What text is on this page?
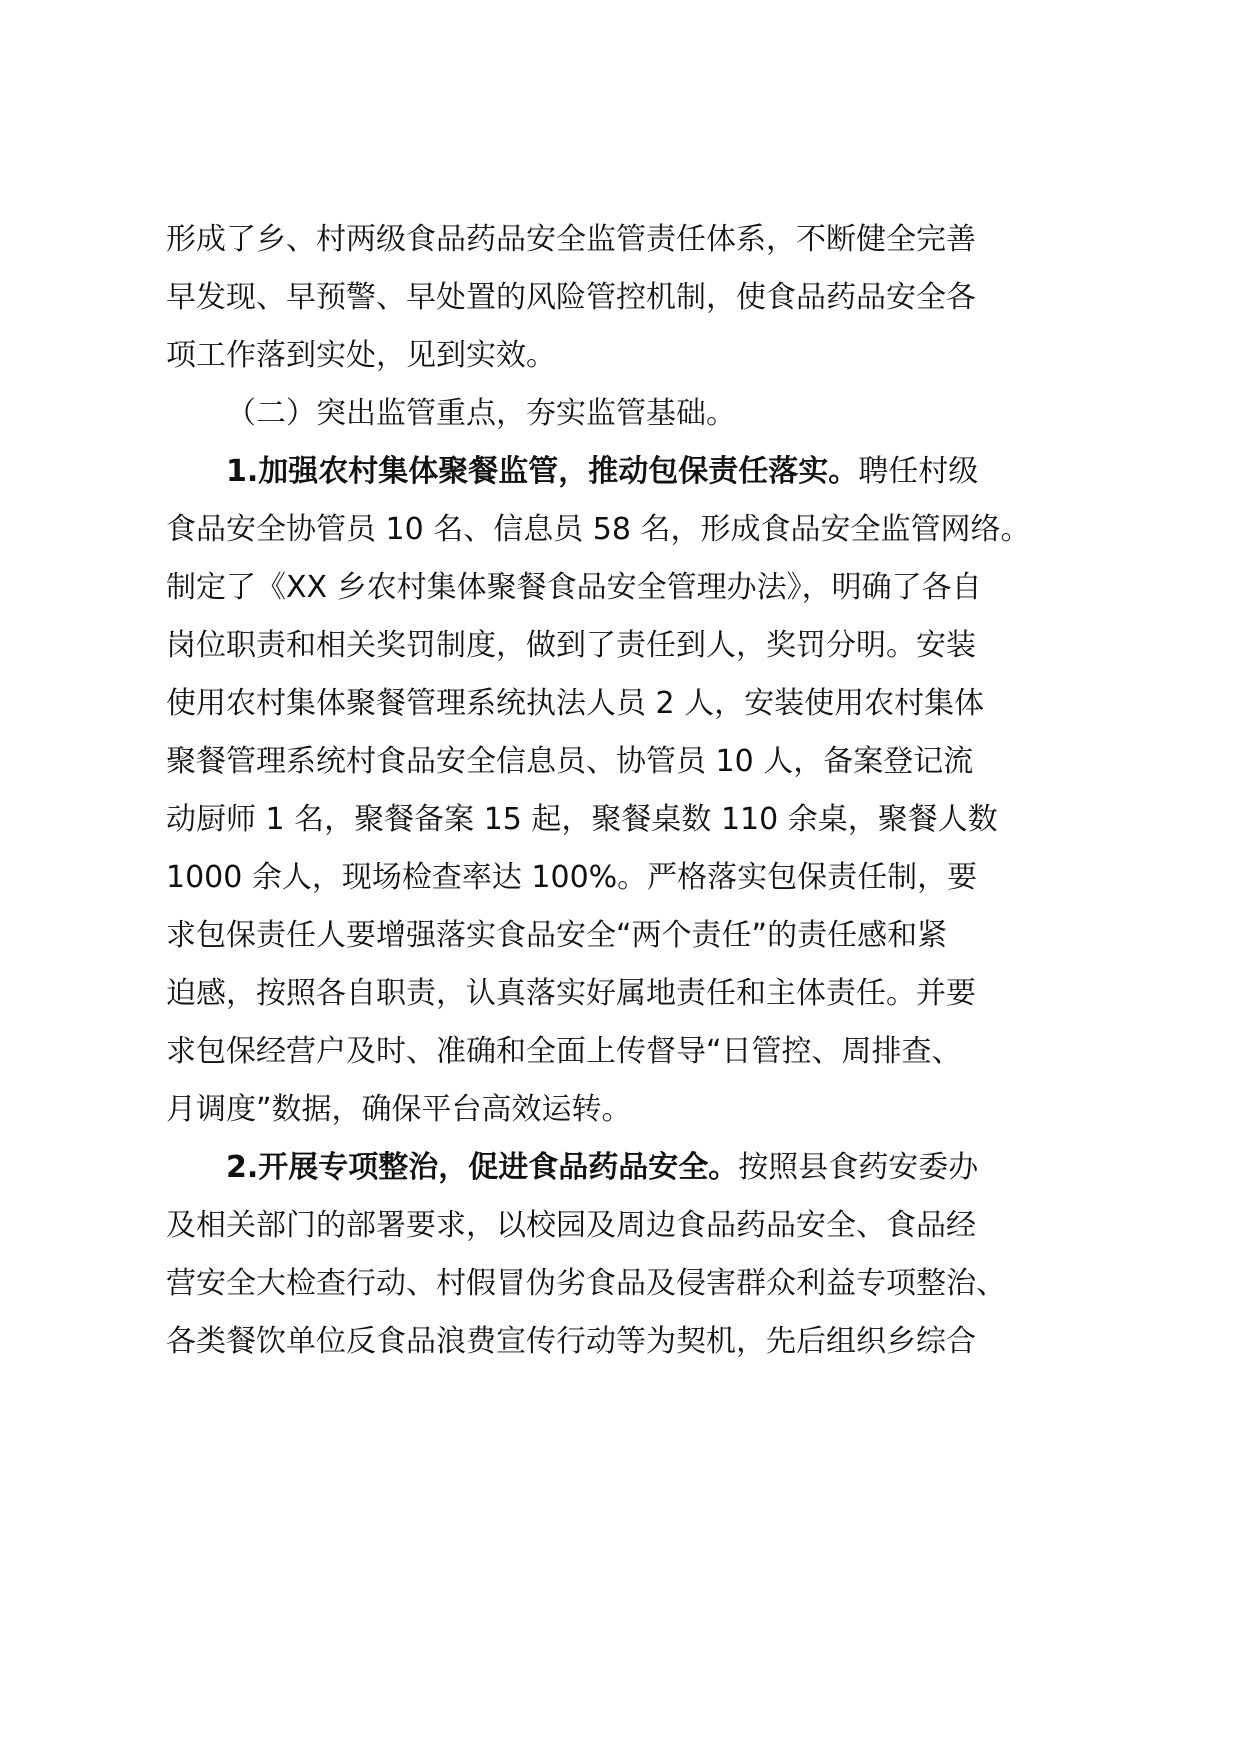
形成了乡、村两级食品药品安全监管责任体系，不断健全完善
早发现、早预警、早处置的风险管控机制，使食品药品安全各
项工作落到实处，见到实效。
（二）突出监管重点，夯实监管基础。
1.加强农村集体聚餐监管，推动包保责任落实。聘任村级
食品安全协管员 10 名、信息员 58 名，形成食品安全监管网络。
制定了《XX 乡农村集体聚餐食品安全管理办法》，明确了各自
岗位职责和相关奖罚制度，做到了责任到人，奖罚分明。安装
使用农村集体聚餐管理系统执法人员 2 人，安装使用农村集体
聚餐管理系统村食品安全信息员、协管员 10 人，备案登记流
动厨师 1 名，聚餐备案 15 起，聚餐桌数 110 余桌，聚餐人数
1000 余人，现场检查率达 100%。严格落实包保责任制，要
求包保责任人要增强落实食品安全“两个责任”的责任感和紧
迫感，按照各自职责，认真落实好属地责任和主体责任。并要
求包保经营户及时、准确和全面上传督导“日管控、周排查、
月调度”数据，确保平台高效运转。
2.开展专项整治，促进食品药品安全。按照县食药安委办
及相关部门的部署要求，以校园及周边食品药品安全、食品经
营安全大检查行动、村假冒伪劣食品及侵害群众利益专项整治、
各类餐饮单位反食品浪费宣传行动等为契机，先后组织乡综合
